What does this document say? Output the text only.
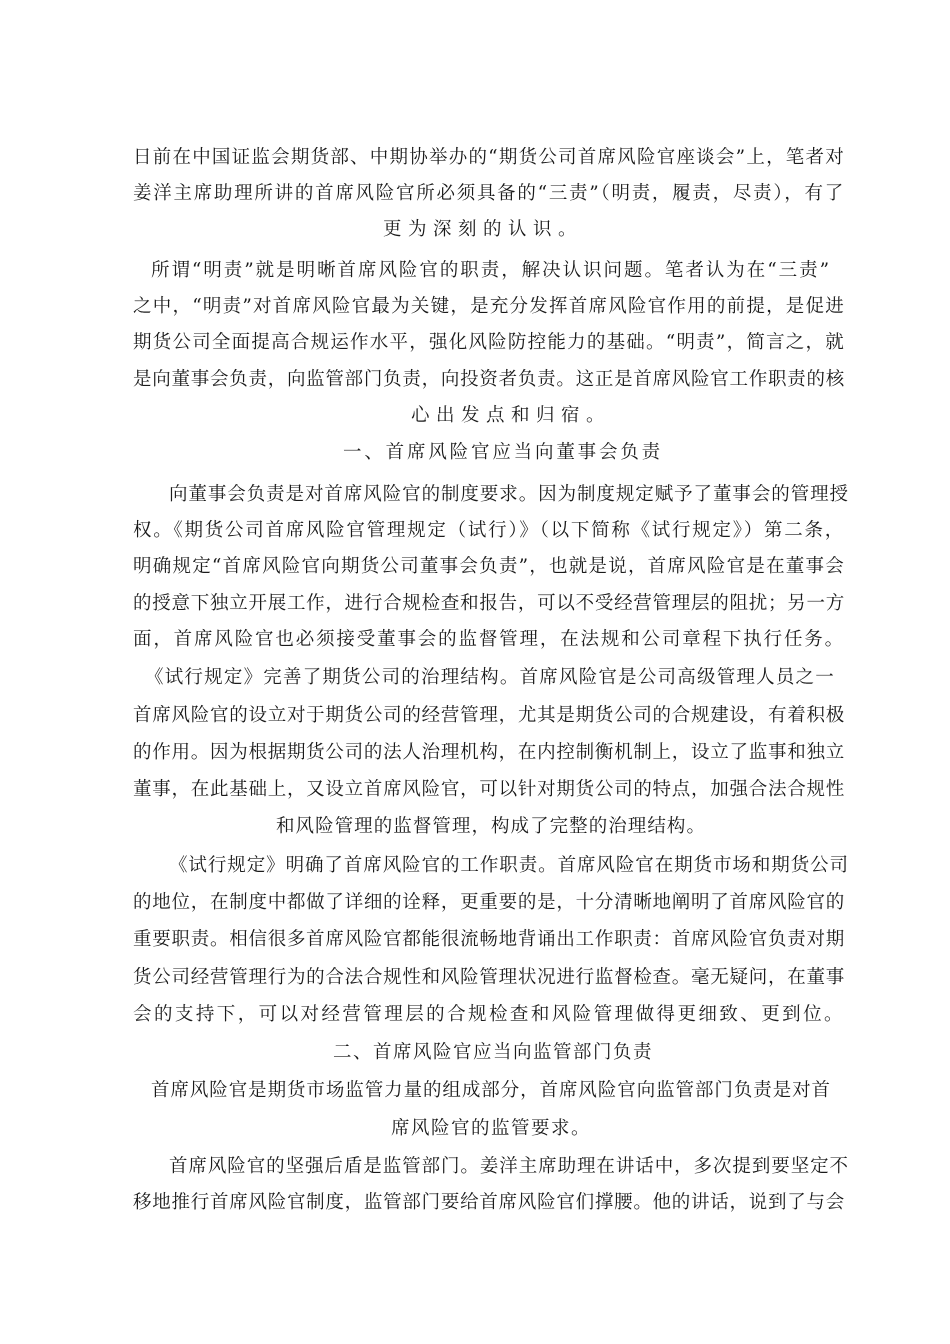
日前在中国证监会期货部、中期协举办的“期货公司首席风险官座谈会”上，笔者对
姜洋主席助理所讲的首席风险官所必须具备的“三责”（明责，履责，尽责），有了
更为深刻的认识。
所谓“明责”就是明晰首席风险官的职责，解决认识问题。笔者认为在“三责”
之中，“明责”对首席风险官最为关键，是充分发挥首席风险官作用的前提，是促进
期货公司全面提高合规运作水平，强化风险防控能力的基础。“明责”，简言之，就
是向董事会负责，向监管部门负责，向投资者负责。这正是首席风险官工作职责的核
心出发点和归宿。
一、首席风险官应当向董事会负责
向董事会负责是对首席风险官的制度要求。因为制度规定赋予了董事会的管理授
权。《期货公司首席风险官管理规定（试行）》（以下简称《试行规定》）第二条，
明确规定“首席风险官向期货公司董事会负责”，也就是说，首席风险官是在董事会
的授意下独立开展工作，进行合规检查和报告，可以不受经营管理层的阻扰；另一方
面，首席风险官也必须接受董事会的监督管理，在法规和公司章程下执行任务。
《试行规定》完善了期货公司的治理结构。首席风险官是公司高级管理人员之一
首席风险官的设立对于期货公司的经营管理，尤其是期货公司的合规建设，有着积极
的作用。因为根据期货公司的法人治理机构，在内控制衡机制上，设立了监事和独立
董事，在此基础上，又设立首席风险官，可以针对期货公司的特点，加强合法合规性
和风险管理的监督管理，构成了完整的治理结构。
《试行规定》明确了首席风险官的工作职责。首席风险官在期货市场和期货公司
的地位，在制度中都做了详细的诠释，更重要的是，十分清晰地阐明了首席风险官的
重要职责。相信很多首席风险官都能很流畅地背诵出工作职责：首席风险官负责对期
货公司经营管理行为的合法合规性和风险管理状况进行监督检查。毫无疑问，在董事
会的支持下，可以对经营管理层的合规检查和风险管理做得更细致、更到位。
二、首席风险官应当向监管部门负责
首席风险官是期货市场监管力量的组成部分，首席风险官向监管部门负责是对首
席风险官的监管要求。
首席风险官的坚强后盾是监管部门。姜洋主席助理在讲话中，多次提到要坚定不
移地推行首席风险官制度，监管部门要给首席风险官们撑腰。他的讲话，说到了与会
